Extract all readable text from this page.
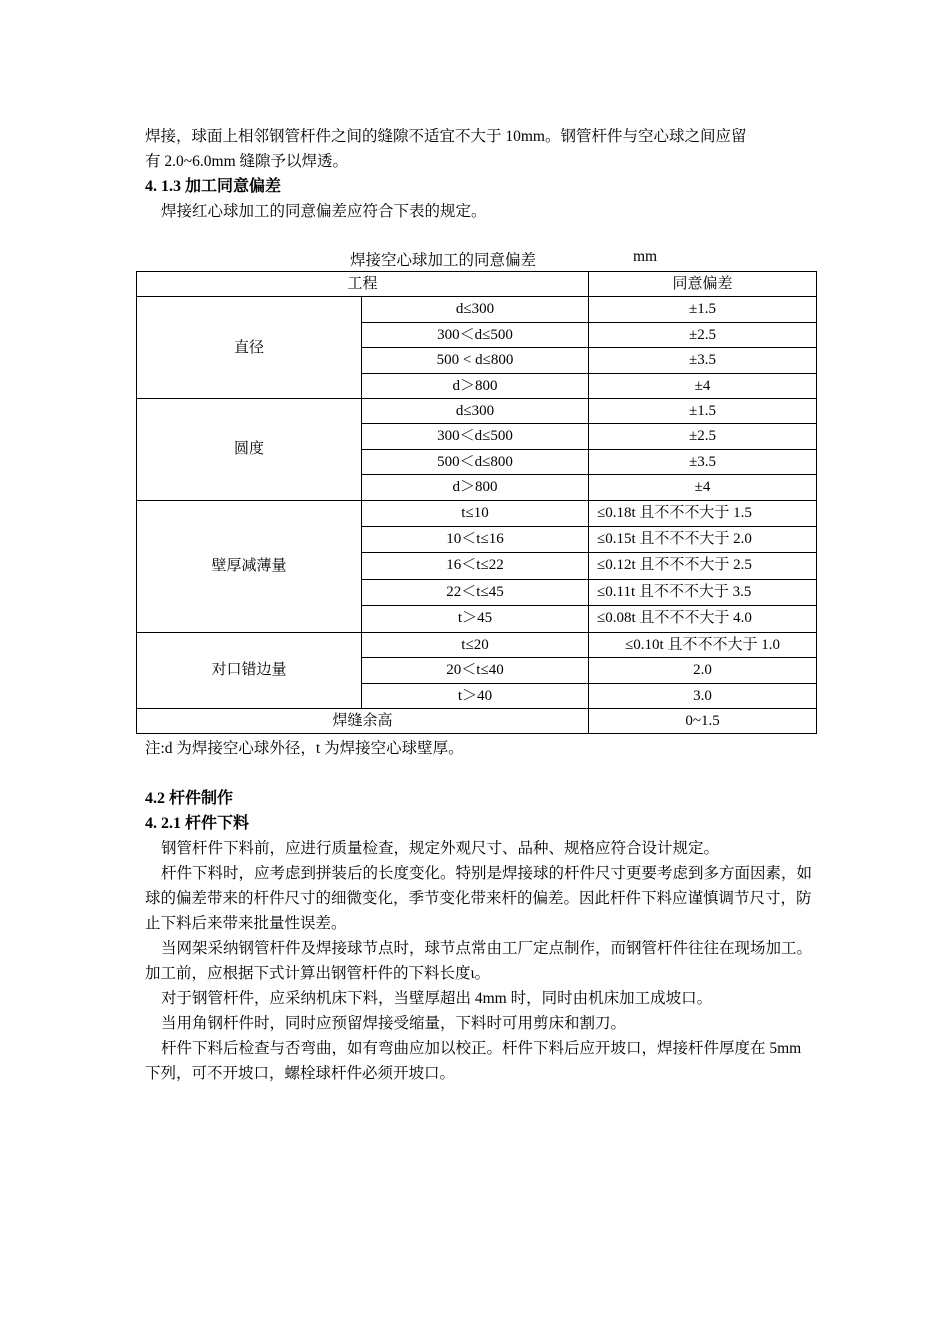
焊接，球面上相邻钢管杆件之间的缝隙不适宜不大于 10mm。钢管杆件与空心球之间应留

有 2.0~6.0mm 缝隙予以焊透。

4. 1.3 加工同意偏差

焊接红心球加工的同意偏差应符合下表的规定。

焊接空心球加工的同意偏差	mm
工程		同意偏差
直径	d≤300	±1.5
	300＜d≤500	±2.5
	500 < d≤800	±3.5
	d＞800	±4
圆度	d≤300	±1.5
	300＜d≤500	±2.5
	500＜d≤800	±3.5
	d＞800	±4
壁厚减薄量	t≤10	≤0.18t 且不不不大于 1.5
	10＜t≤16	≤0.15t 且不不不大于 2.0
	16＜t≤22	≤0.12t 且不不不大于 2.5
	22＜t≤45	≤0.11t 且不不不大于 3.5
	t＞45	≤0.08t 且不不不大于 4.0
对口错边量	t≤20	≤0.10t 且不不不大于 1.0
	20＜t≤40	2.0
	t＞40	3.0
焊缝余高		0~1.5

注:d 为焊接空心球外径，t 为焊接空心球壁厚。

4.2 杆件制作

4. 2.1 杆件下料

钢管杆件下料前，应进行质量检查，规定外观尺寸、品种、规格应符合设计规定。

杆件下料时，应考虑到拼装后的长度变化。特别是焊接球的杆件尺寸更要考虑到多方面因素，如球的偏差带来的杆件尺寸的细微变化，季节变化带来杆的偏差。因此杆件下料应谨慎调节尺寸，防止下料后来带来批量性误差。

当网架采纳钢管杆件及焊接球节点时，球节点常由工厂定点制作，而钢管杆件往往在现场加工。加工前，应根据下式计算出钢管杆件的下料长度ι。

对于钢管杆件，应采纳机床下料，当壁厚超出 4mm 时，同时由机床加工成坡口。

当用角钢杆件时，同时应预留焊接受缩量，下料时可用剪床和割刀。

杆件下料后检查与否弯曲，如有弯曲应加以校正。杆件下料后应开坡口，焊接杆件厚度在 5mm 下列，可不开坡口，螺栓球杆件必须开坡口。
